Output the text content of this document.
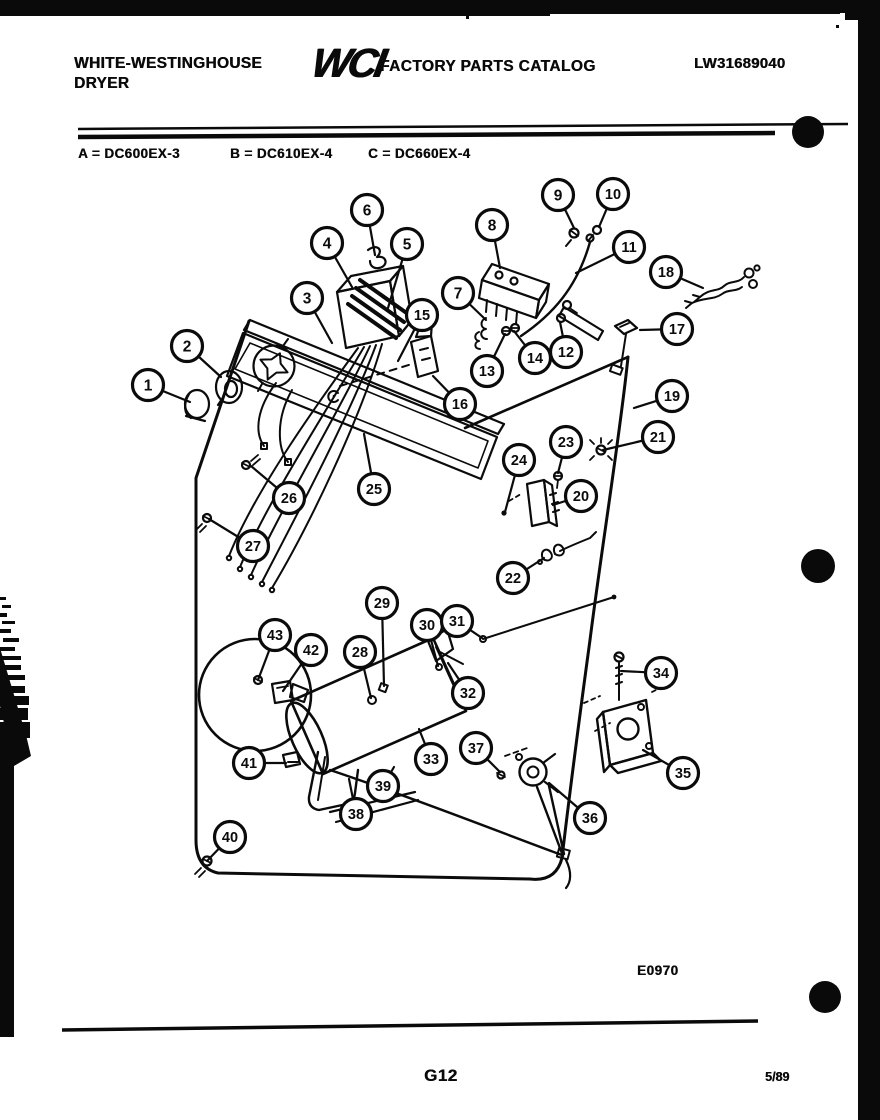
WHITE-WESTINGHOUSE
DRYER	WCI
FACTORY PARTS CATALOG	LW31689040
A = DC600EX-3	B = DC610EX-4	C = DC660EX-4
E0970
G12	5/89
1
2
3
4	5
6
7
8
9	10
11
12
13
14
15
16
17
18
19
20
21
22
23
24
25
26
27
28
29
30 31
32
33
34
35
36
37
38
39
40
41
42
43
